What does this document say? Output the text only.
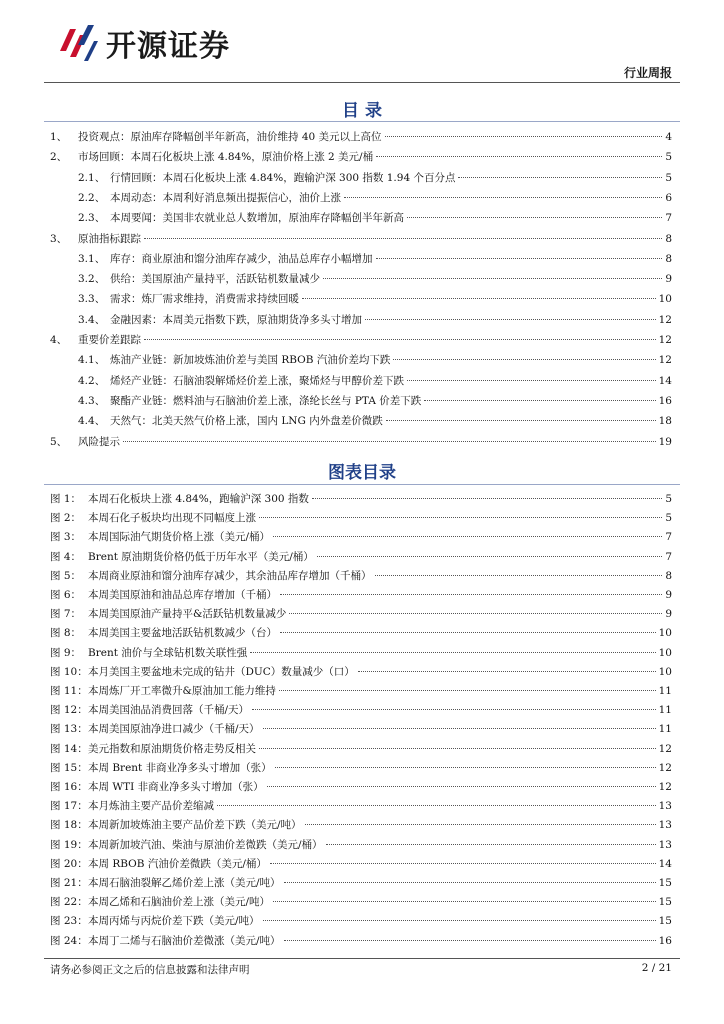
开源证券
行业周报
目 录
1、	投资观点：原油库存降幅创半年新高，油价维持 40 美元以上高位	4
2、	市场回顾：本周石化板块上涨 4.84%，原油价格上涨 2 美元/桶	5
2.1、 行情回顾：本周石化板块上涨 4.84%，跑输沪深 300 指数 1.94 个百分点	5
2.2、 本周动态：本周利好消息频出提振信心，油价上涨	6
2.3、 本周要闻：美国非农就业总人数增加，原油库存降幅创半年新高	7
3、	原油指标跟踪	8
3.1、 库存：商业原油和馏分油库存减少，油品总库存小幅增加	8
3.2、 供给：美国原油产量持平，活跃钻机数量减少	9
3.3、 需求：炼厂需求维持，消费需求持续回暖	10
3.4、 金融因素：本周美元指数下跌，原油期货净多头寸增加	12
4、	重要价差跟踪	12
4.1、 炼油产业链：新加坡炼油价差与美国 RBOB 汽油价差均下跌	12
4.2、 烯烃产业链：石脑油裂解烯烃价差上涨，聚烯烃与甲醇价差下跌	14
4.3、 聚酯产业链：燃料油与石脑油价差上涨，涤纶长丝与 PTA 价差下跌	16
4.4、 天然气：北美天然气价格上涨，国内 LNG 内外盘差价微跌	18
5、	风险提示	19
图表目录
图 1： 本周石化板块上涨 4.84%，跑输沪深 300 指数	5
图 2： 本周石化子板块均出现不同幅度上涨	5
图 3： 本周国际油气期货价格上涨（美元/桶）	7
图 4： Brent 原油期货价格仍低于历年水平（美元/桶）	7
图 5： 本周商业原油和馏分油库存减少，其余油品库存增加（千桶）	8
图 6： 本周美国原油和油品总库存增加（千桶）	9
图 7： 本周美国原油产量持平&活跃钻机数量减少	9
图 8： 本周美国主要盆地活跃钻机数减少（台）	10
图 9： Brent 油价与全球钻机数关联性强	10
图 10： 本月美国主要盆地未完成的钻井（DUC）数量减少（口）	10
图 11： 本周炼厂开工率微升&原油加工能力维持	11
图 12： 本周美国油品消费回落（千桶/天）	11
图 13： 本周美国原油净进口减少（千桶/天）	11
图 14： 美元指数和原油期货价格走势反相关	12
图 15： 本周 Brent 非商业净多头寸增加（张）	12
图 16： 本周 WTI 非商业净多头寸增加（张）	12
图 17： 本月炼油主要产品价差缩减	13
图 18： 本周新加坡炼油主要产品价差下跌（美元/吨）	13
图 19： 本周新加坡汽油、柴油与原油价差微跌（美元/桶）	13
图 20： 本周 RBOB 汽油价差微跌（美元/桶）	14
图 21： 本周石脑油裂解乙烯价差上涨（美元/吨）	15
图 22： 本周乙烯和石脑油价差上涨（美元/吨）	15
图 23： 本周丙烯与丙烷价差下跌（美元/吨）	15
图 24： 本周丁二烯与石脑油价差微涨（美元/吨）	16
请务必参阅正文之后的信息披露和法律声明	2 / 21
